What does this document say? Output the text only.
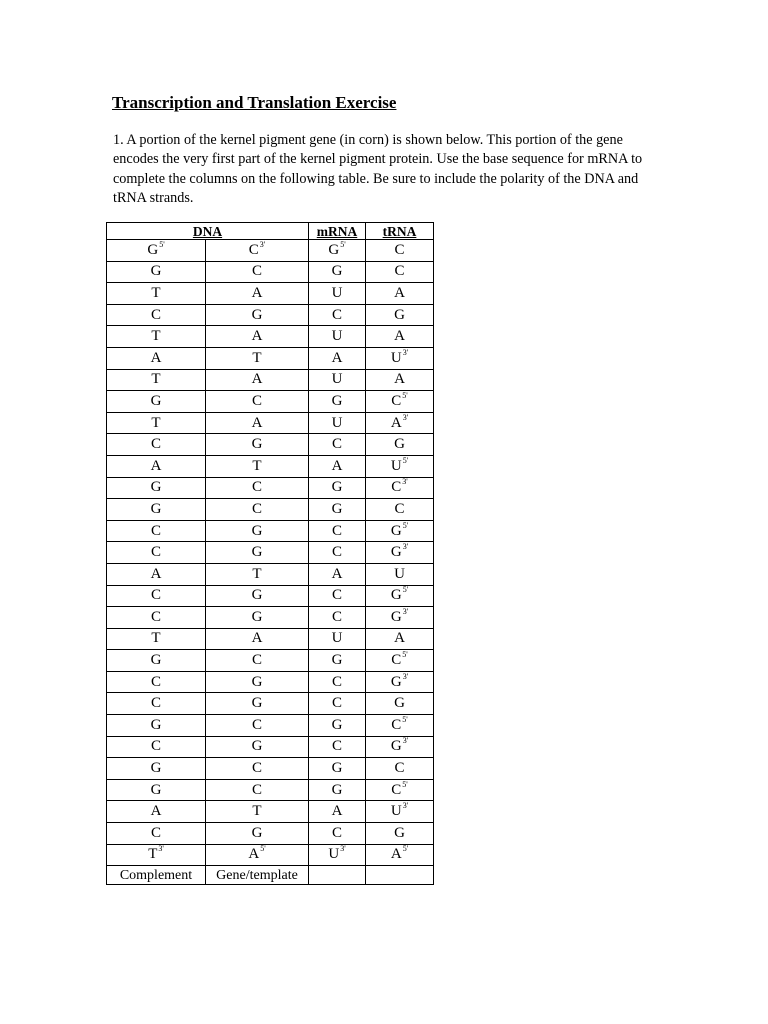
Transcription and Translation Exercise

1. A portion of the kernel pigment gene (in corn) is shown below. This portion of the gene encodes the very first part of the kernel pigment protein. Use the base sequence for mRNA to complete the columns on the following table. Be sure to include the polarity of the DNA and tRNA strands.

DNA		mRNA	tRNA
$G^{5'}$	$C^{3'}$	$G^{5'}$	C
G	C	G	C
T	A	U	A
C	G	C	G
T	A	U	A
A	T	A	$U^{3'}$
T	A	U	A
G	C	G	$C^{5'}$
T	A	U	$A^{3'}$
C	G	C	G
A	T	A	$U^{5'}$
G	C	G	$C^{3'}$
G	C	G	C
C	G	C	$G^{5'}$
C	G	C	$G^{3'}$
A	T	A	U
C	G	C	$G^{5'}$
C	G	C	$G^{3'}$
T	A	U	A
G	C	G	$C^{5'}$
C	G	C	$G^{3'}$
C	G	C	G
G	C	G	$C^{5'}$
C	G	C	$G^{3'}$
G	C	G	C
G	C	G	$C^{5'}$
A	T	A	$U^{3'}$
C	G	C	G
$T^{3'}$	$A^{5'}$	$U^{3'}$	$A^{5'}$
Complement	Gene/template		
